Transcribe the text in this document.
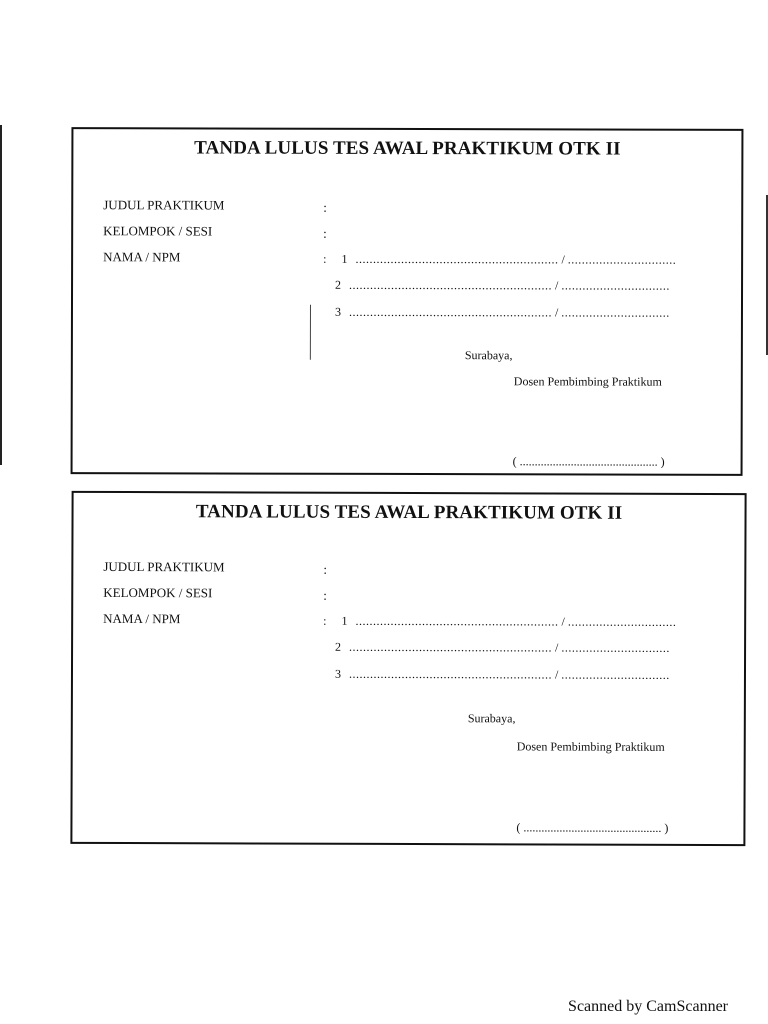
TANDA LULUS TES AWAL PRAKTIKUM OTK II
JUDUL PRAKTIKUM	:
KELOMPOK / SESI	:
NAMA / NPM	: 1 .......................................................... / ...............................
2 .......................................................... / ...............................
3 .......................................................... / ...............................
Surabaya,
Dosen Pembimbing Praktikum
( .............................................. )
TANDA LULUS TES AWAL PRAKTIKUM OTK II
JUDUL PRAKTIKUM	:
KELOMPOK / SESI	:
NAMA / NPM	: 1 .......................................................... / ...............................
2 .......................................................... / ...............................
3 .......................................................... / ...............................
Surabaya,
Dosen Pembimbing Praktikum
( .............................................. )
Scanned by CamScanner
